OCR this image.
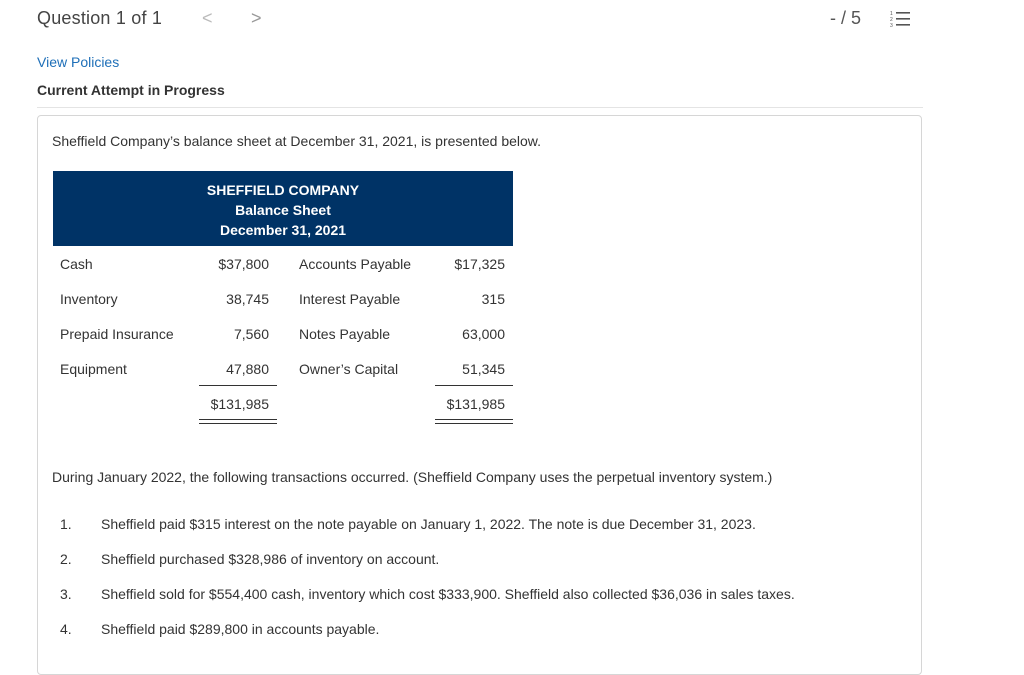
Question 1 of 1 < >	- / 5	1
2
3
View Policies
Current Attempt in Progress
Sheffield Company’s balance sheet at December 31, 2021, is presented below.
SHEFFIELD COMPANY
Balance Sheet
December 31, 2021
Cash	$37,800 Accounts Payable	$17,325
Inventory	38,745 Interest Payable	315
Prepaid Insurance	7,560 Notes Payable	63,000
Equipment	47,880 Owner’s Capital	51,345
$131,985	$131,985
During January 2022, the following transactions occurred. (Sheffield Company uses the perpetual inventory system.)
1. Sheffield paid $315 interest on the note payable on January 1, 2022. The note is due December 31, 2023.
2. Sheffield purchased $328,986 of inventory on account.
3. Sheffield sold for $554,400 cash, inventory which cost $333,900. Sheffield also collected $36,036 in sales taxes.
4. Sheffield paid $289,800 in accounts payable.
